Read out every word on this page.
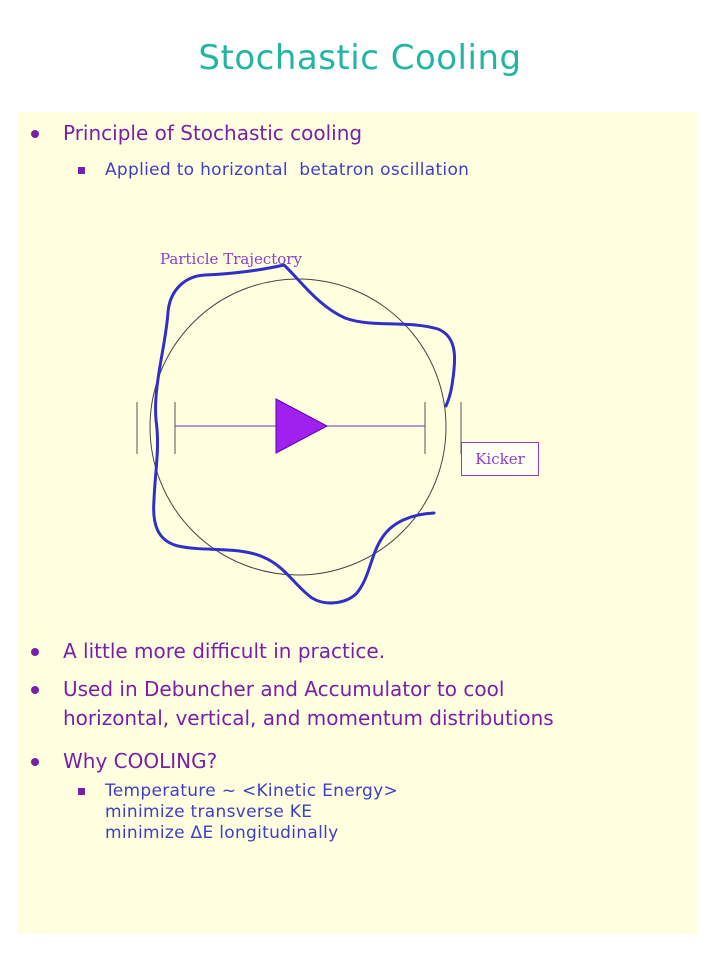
Stochastic Cooling
Principle of Stochastic cooling
Applied to horizontal  betatron oscillation
Particle Trajectory
Kicker
A little more difficult in practice.
Used in Debuncher and Accumulator to cool
horizontal, vertical, and momentum distributions
Why COOLING?
Temperature ~ <Kinetic Energy>
minimize transverse KE
minimize ΔE longitudinally
